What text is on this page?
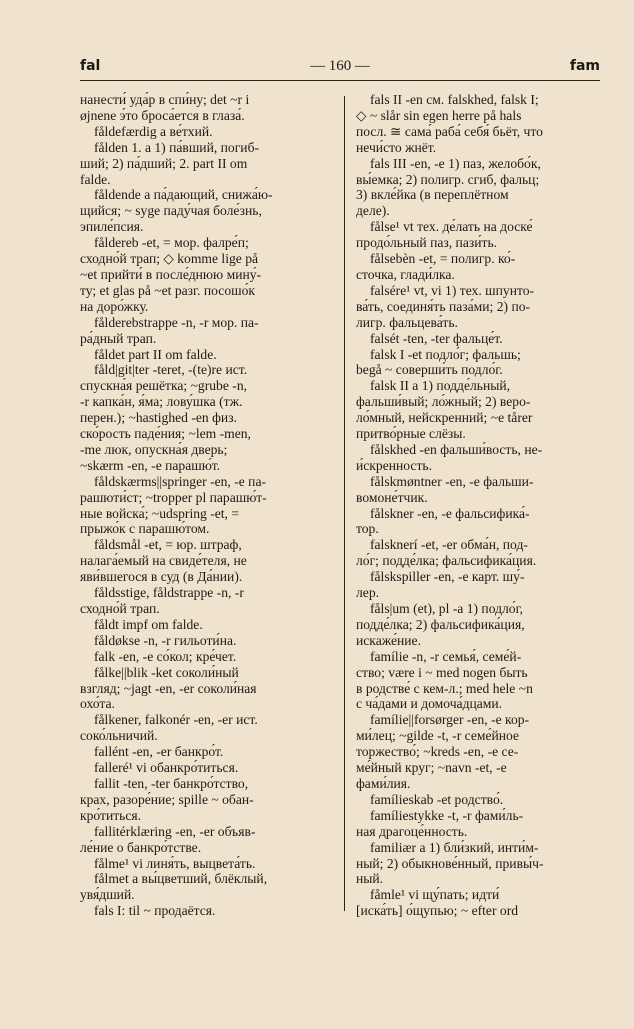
fal	— 160 —	fam
нанести́ уда́р в спи́ну; det ~r i
øjnene э́то броса́ется в глаза́.
fåldefærdig a ве́тхий.
fålden 1. a 1) па́вший, погиб-
ший; 2) па́дший; 2. part II om
falde.
fåldende a па́дающий, снижа́ю-
щийся; ~ syge паду́чая боле́знь,
эпиле́псия.
fåldereb -et, = мор. фалре́п;
сходно́й трап; ◇ komme lige på
~et прийти́ в после́днюю мину́-
ту; et glas på ~et разг. посошо́к
на доро́жку.
fålderebstrappe -n, -r мор. па-
ра́дный трап.
fåldet part II om falde.
fåld|git|ter -teret, -(te)re ист.
спускна́я решётка; ~grube -n,
-r капка́н, я́ма; лову́шка (тж.
перен.); ~hastighed -en физ.
ско́рость паде́ния; ~lem -men,
-me люк, опускна́я дверь;
~skærm -en, -e парашю́т.
fåldskærms||springer -en, -e па-
рашюти́ст; ~tropper pl парашю́т-
ные войска́; ~udspring -et, =
прыжо́к с парашю́том.
fåldsmål -et, = юр. штраф,
налага́емый на свиде́теля, не
яви́вшегося в суд (в Да́нии).
fåldsstige, fåldstrappe -n, -r
сходно́й трап.
fåldt impf om falde.
fåldøkse -n, -r гильоти́на.
falk -en, -e со́кол; кре́чет.
fålke||blik -ket соколи́ный
взгляд; ~jagt -en, -er соколи́ная
охо́та.
fålkener, falkonér -en, -er ист.
соко́льничий.
fallént -en, -er банкро́т.
falleré¹ vi обанкро́титься.
fallit -ten, -ter банкро́тство,
крах, разоре́ние; spille ~ обан-
кро́титься.
fallitérklæring -en, -er объяв-
ле́ние о банкро́тстве.
fålme¹ vi линя́ть, выцвета́ть.
fålmet a вы́цветший, блёклый,
увя́дший.
fals I: til ~ продаётся.
fals II -en см. falskhed, falsk I;
◇ ~ slår sin egen herre på hals
посл. ≅ сама́ раба́ себя́ бьёт, что
нечи́сто жнёт.
fals III -en, -e 1) паз, желобо́к,
вы́емка; 2) полигр. сгиб, фальц;
3) вкле́йка (в переплётном
деле).
fålse¹ vt тех. де́лать на доске́
продо́льный паз, пази́ть.
fålsebèn -et, = полигр. ко́-
сточка, глади́лка.
falsére¹ vt, vi 1) тех. шпунто-
ва́ть, соединя́ть паза́ми; 2) по-
лигр. фальцева́ть.
falsét -ten, -ter фальце́т.
falsk I -et подло́г; фальшь;
begå ~ соверши́ть подло́г.
falsk II a 1) подде́льный,
фальши́вый; ло́жный; 2) веро-
ло́мный, нейскренний; ~e tårer
притво́рные слёзы.
fålskhed -en фальши́вость, не-
и́скренность.
fålskmøntner -en, -e фальши-
вомоне́тчик.
fålskner -en, -e фальсифика́-
тор.
falsknerí -et, -er обма́н, под-
ло́г; подде́лка; фальсифика́ция.
fålskspiller -en, -e карт. шу́-
лер.
fåls|um (et), pl -a 1) подло́г,
подде́лка; 2) фальсифика́ция,
искаже́ние.
famílie -n, -r семья́, семе́й-
ство; være i ~ med nogen быть
в родстве́ с кем-л.; med hele ~n
с ча́дами и домоча́дцами.
famílie||forsørger -en, -e кор-
ми́лец; ~gilde -t, -r семе́йное
торжество́; ~kreds -en, -e се-
ме́йный круг; ~navn -et, -e
фами́лия.
famílieskab -et родство́.
famíliestykke -t, -r фами́ль-
ная драгоце́нность.
familiær a 1) бли́зкий, инти́м-
ный; 2) обыкнове́нный, привы́ч-
ный.
fåmle¹ vi щу́пать; идти́
[иска́ть] о́щупью; ~ efter ord
